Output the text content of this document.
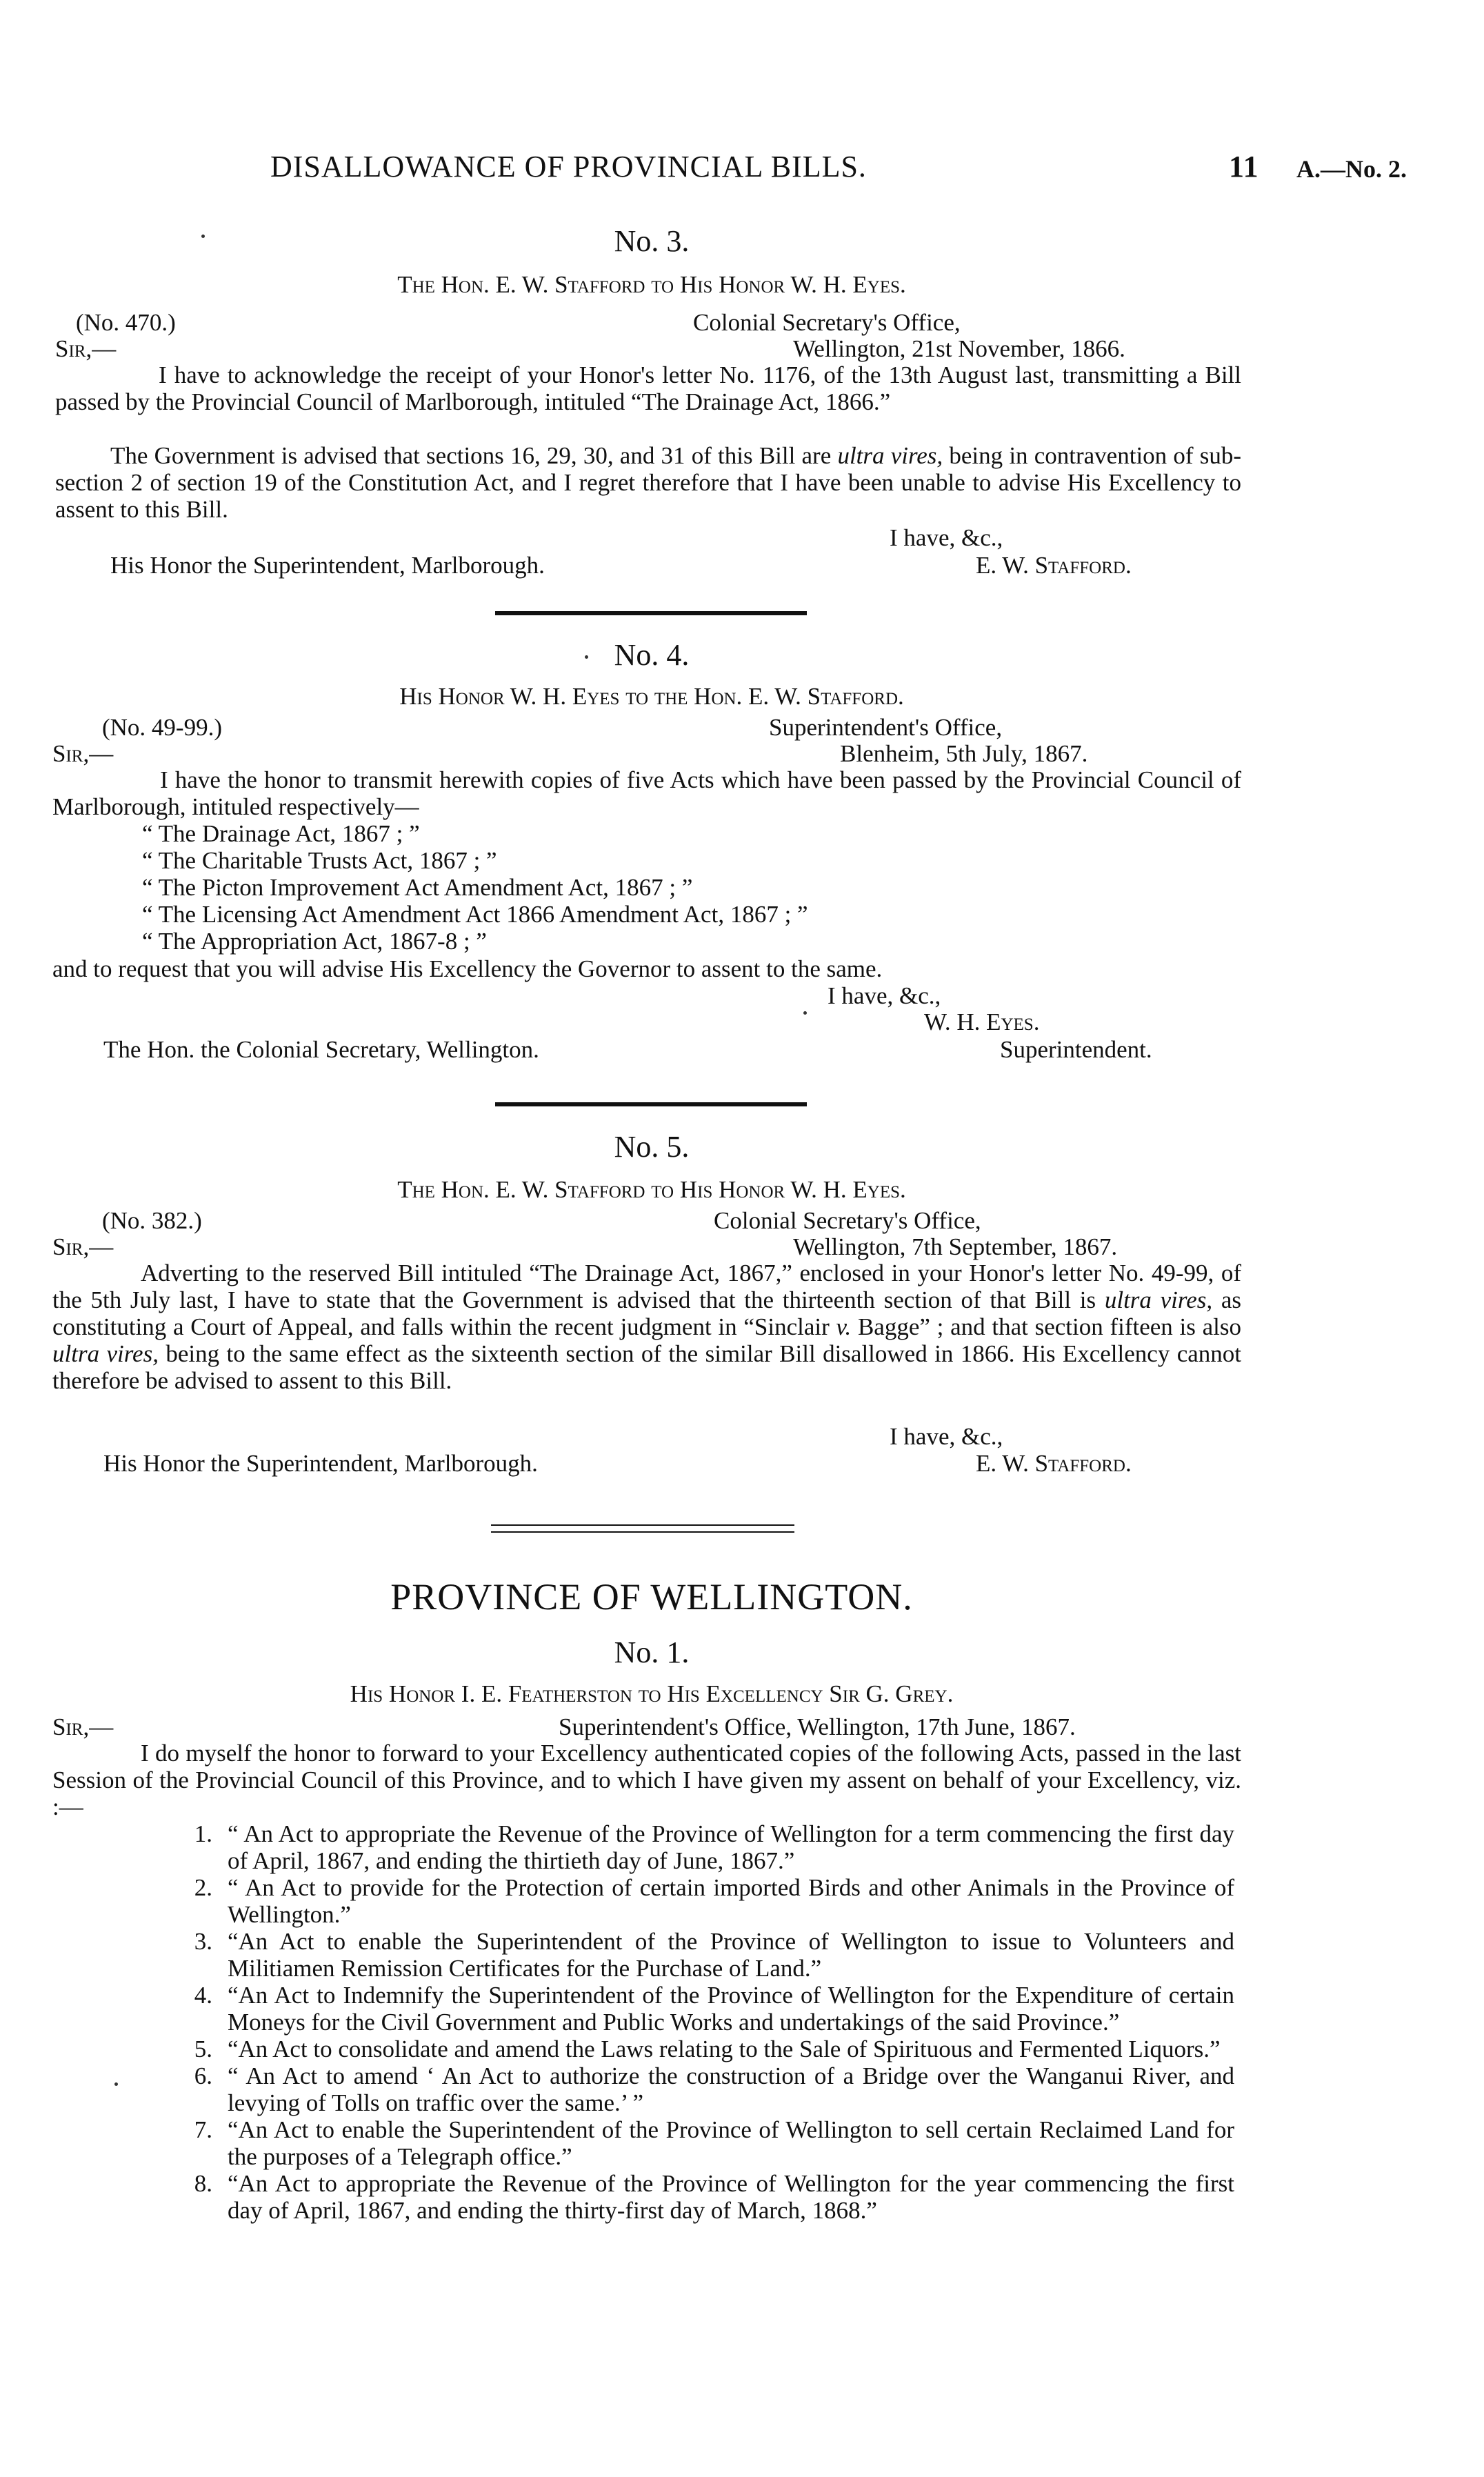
DISALLOWANCE OF PROVINCIAL BILLS.	11 A.—No. 2.
No. 3.
The Hon. E. W. Stafford to His Honor W. H. Eyes.
(No. 470.)	Colonial Secretary's Office,
Sir,—	Wellington, 21st November, 1866.
I have to acknowledge the receipt of your Honor's letter No. 1176, of the 13th August last, transmitting a Bill passed by the Provincial Council of Marlborough, intituled “The Drainage Act, 1866.”
The Government is advised that sections 16, 29, 30, and 31 of this Bill are ultra vires, being in contravention of sub-section 2 of section 19 of the Constitution Act, and I regret therefore that I have been unable to advise His Excellency to assent to this Bill.
I have, &c.,
His Honor the Superintendent, Marlborough.	E. W. Stafford.
No. 4.
His Honor W. H. Eyes to the Hon. E. W. Stafford.
(No. 49-99.)	Superintendent's Office,
Sir,—	Blenheim, 5th July, 1867.
I have the honor to transmit herewith copies of five Acts which have been passed by the Provincial Council of Marlborough, intituled respectively—
“ The Drainage Act, 1867 ; ”
“ The Charitable Trusts Act, 1867 ; ”
“ The Picton Improvement Act Amendment Act, 1867 ; ”
“ The Licensing Act Amendment Act 1866 Amendment Act, 1867 ; ”
“ The Appropriation Act, 1867-8 ; ”
and to request that you will advise His Excellency the Governor to assent to the same.
I have, &c.,
W. H. Eyes.
The Hon. the Colonial Secretary, Wellington.	Superintendent.
No. 5.
The Hon. E. W. Stafford to His Honor W. H. Eyes.
(No. 382.)	Colonial Secretary's Office,
Sir,—	Wellington, 7th September, 1867.
Adverting to the reserved Bill intituled “The Drainage Act, 1867,” enclosed in your Honor's letter No. 49-99, of the 5th July last, I have to state that the Government is advised that the thirteenth section of that Bill is ultra vires, as constituting a Court of Appeal, and falls within the recent judgment in “Sinclair v. Bagge” ; and that section fifteen is also ultra vires, being to the same effect as the sixteenth section of the similar Bill disallowed in 1866. His Excellency cannot therefore be advised to assent to this Bill.
I have, &c.,
His Honor the Superintendent, Marlborough.	E. W. Stafford.
PROVINCE OF WELLINGTON.
No. 1.
His Honor I. E. Featherston to His Excellency Sir G. Grey.
Sir,—	Superintendent's Office, Wellington, 17th June, 1867.
I do myself the honor to forward to your Excellency authenticated copies of the following Acts, passed in the last Session of the Provincial Council of this Province, and to which I have given my assent on behalf of your Excellency, viz. :—
1. “ An Act to appropriate the Revenue of the Province of Wellington for a term commencing the first day of April, 1867, and ending the thirtieth day of June, 1867.”
2. “ An Act to provide for the Protection of certain imported Birds and other Animals in the Province of Wellington.”
3. “An Act to enable the Superintendent of the Province of Wellington to issue to Volunteers and Militiamen Remission Certificates for the Purchase of Land.”
4. “An Act to Indemnify the Superintendent of the Province of Wellington for the Expenditure of certain Moneys for the Civil Government and Public Works and undertakings of the said Province.”
5. “An Act to consolidate and amend the Laws relating to the Sale of Spirituous and Fermented Liquors.”
6. “ An Act to amend ‘ An Act to authorize the construction of a Bridge over the Wanganui River, and levying of Tolls on traffic over the same.’ ”
7. “An Act to enable the Superintendent of the Province of Wellington to sell certain Reclaimed Land for the purposes of a Telegraph office.”
8. “An Act to appropriate the Revenue of the Province of Wellington for the year commencing the first day of April, 1867, and ending the thirty-first day of March, 1868.”
